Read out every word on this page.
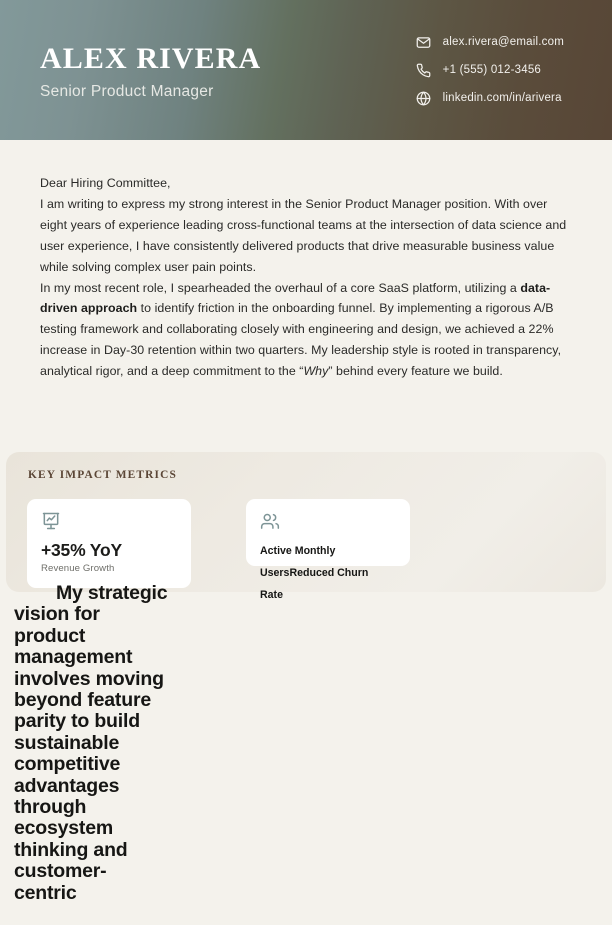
ALEX RIVERA
Senior Product Manager
alex.rivera@email.com
+1 (555) 012-3456
linkedin.com/in/arivera

Dear Hiring Committee,

I am writing to express my strong interest in the Senior Product Manager position. With over eight years of experience leading cross-functional teams at the intersection of data science and user experience, I have consistently delivered products that drive measurable business value while solving complex user pain points.

In my most recent role, I spearheaded the overhaul of a core SaaS platform, utilizing a data-driven approach to identify friction in the onboarding funnel. By implementing a rigorous A/B testing framework and collaborating closely with engineering and design, we achieved a 22% increase in Day-30 retention within two quarters. My leadership style is rooted in transparency, analytical rigor, and a deep commitment to the “Why” behind every feature we build.

KEY IMPACT METRICS
+35% YoY
Revenue Growth
Active Monthly UsersReduced Churn Rate
My strategic vision for product management involves moving beyond feature parity to build sustainable competitive advantages through ecosystem thinking and customer-centric
